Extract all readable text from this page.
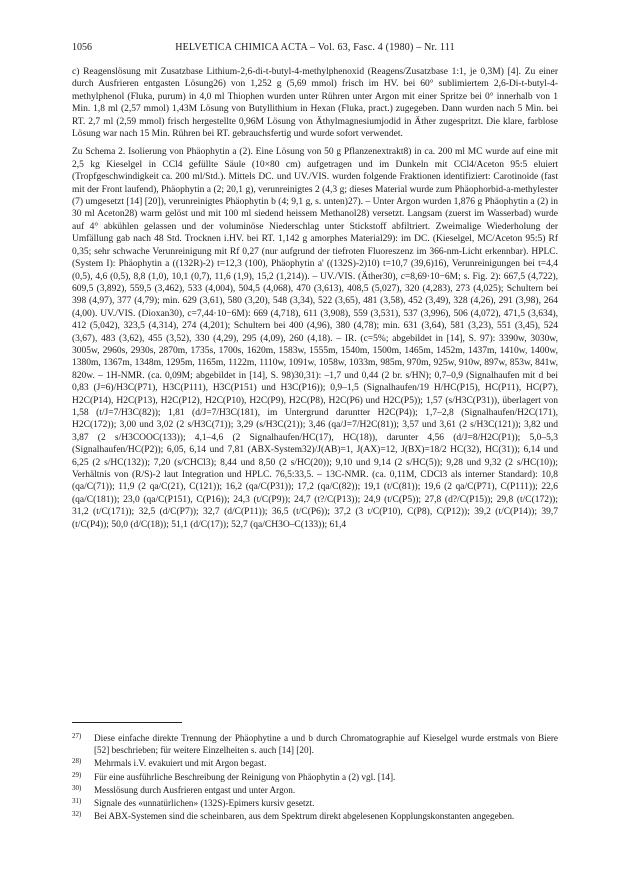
1056	HELVETICA CHIMICA ACTA – Vol. 63, Fasc. 4 (1980) – Nr. 111

c) Reagenslösung mit Zusatzbase Lithium-2,6-di-t-butyl-4-methylphenoxid (Reagens/Zusatzbase 1:1, je 0,3M) [4]. Zu einer durch Ausfrieren entgasten Lösung26) von 1,252 g (5,69 mmol) frisch im HV. bei 60° sublimiertem 2,6-Di-t-butyl-4-methylphenol (Fluka, purum) in 4,0 ml Thiophen wurden unter Rühren unter Argon mit einer Spritze bei 0° innerhalb von 1 Min. 1,8 ml (2,57 mmol) 1,43M Lösung von Butyllithium in Hexan (Fluka, pract.) zugegeben. Dann wurden nach 5 Min. bei RT. 2,7 ml (2,59 mmol) frisch hergestellte 0,96M Lösung von Äthylmagnesiumjodid in Äther zugespritzt. Die klare, farblose Lösung war nach 15 Min. Rühren bei RT. gebrauchsfertig und wurde sofort verwendet.

Zu Schema 2. Isolierung von Phäophytin a (2). Eine Lösung von 50 g Pflanzenextrakt8) in ca. 200 ml MC wurde auf eine mit 2,5 kg Kieselgel in CCl4 gefüllte Säule (10×80 cm) aufgetragen und im Dunkeln mit CCl4/Aceton 95:5 eluiert (Tropfgeschwindigkeit ca. 200 ml/Std.). Mittels DC. und UV./VIS. wurden folgende Fraktionen identifiziert: Carotinoide (fast mit der Front laufend), Phäophytin a (2; 20,1 g), verunreinigtes 2 (4,3 g; dieses Material wurde zum Phäophorbid-a-methylester (7) umgesetzt [14] [20]), verunreinigtes Phäophytin b (4; 9,1 g, s. unten)27). – Unter Argon wurden 1,876 g Phäophytin a (2) in 30 ml Aceton28) warm gelöst und mit 100 ml siedend heissem Methanol28) versetzt. Langsam (zuerst im Wasserbad) wurde auf 4° abkühlen gelassen und der voluminöse Niederschlag unter Stickstoff abfiltriert. Zweimalige Wiederholung der Umfällung gab nach 48 Std. Trocknen i.HV. bei RT. 1,142 g amorphes Material29): im DC. (Kieselgel, MC/Aceton 95:5) Rf 0,35; sehr schwache Verunreinigung mit Rf 0,27 (nur aufgrund der tiefroten Fluoreszenz im 366-nm-Licht erkennbar). HPLC. (System I): Phäophytin a ((132R)-2) t=12,3 (100), Phäophytin a' ((132S)-2)10) t=10,7 (39,6)16), Verunreinigungen bei t=4,4 (0,5), 4,6 (0,5), 8,8 (1,0), 10,1 (0,7), 11,6 (1,9), 15,2 (1,214)). – UV./VIS. (Äther30), c=8,69·10−6M; s. Fig. 2): 667,5 (4,722), 609,5 (3,892), 559,5 (3,462), 533 (4,004), 504,5 (4,068), 470 (3,613), 408,5 (5,027), 320 (4,283), 273 (4,025); Schultern bei 398 (4,97), 377 (4,79); min. 629 (3,61), 580 (3,20), 548 (3,34), 522 (3,65), 481 (3,58), 452 (3,49), 328 (4,26), 291 (3,98), 264 (4,00). UV./VIS. (Dioxan30), c=7,44·10−6M): 669 (4,718), 611 (3,908), 559 (3,531), 537 (3,996), 506 (4,072), 471,5 (3,634), 412 (5,042), 323,5 (4,314), 274 (4,201); Schultern bei 400 (4,96), 380 (4,78); min. 631 (3,64), 581 (3,23), 551 (3,45), 524 (3,67), 483 (3,62), 455 (3,52), 330 (4,29), 295 (4,09), 260 (4,18). – IR. (c=5%; abgebildet in [14], S. 97): 3390w, 3030w, 3005w, 2960s, 2930s, 2870m, 1735s, 1700s, 1620m, 1583w, 1555m, 1540m, 1500m, 1465m, 1452m, 1437m, 1410w, 1400w, 1380m, 1367m, 1348m, 1295m, 1165m, 1122m, 1110w, 1091w, 1058w, 1033m, 985m, 970m, 925w, 910w, 897w, 853w, 841w, 820w. – 1H-NMR. (ca. 0,09M; abgebildet in [14], S. 98)30,31): –1,7 und 0,44 (2 br. s/HN); 0,7–0,9 (Signalhaufen mit d bei 0,83 (J=6)/H3C(P71), H3C(P111), H3C(P151) und H3C(P16)); 0,9–1,5 (Signalhaufen/19 H/HC(P15), HC(P11), HC(P7), H2C(P14), H2C(P13), H2C(P12), H2C(P10), H2C(P9), H2C(P8), H2C(P6) und H2C(P5)); 1,57 (s/H3C(P31)), überlagert von 1,58 (t/J=7/H3C(82)); 1,81 (d/J=7/H3C(181), im Untergrund daruntter H2C(P4)); 1,7–2,8 (Signalhaufen/H2C(171), H2C(172)); 3,00 und 3,02 (2 s/H3C(71)); 3,29 (s/H3C(21)); 3,46 (qa/J=7/H2C(81)); 3,57 und 3,61 (2 s/H3C(121)); 3,82 und 3,87 (2 s/H3COOC(133)); 4,1–4,6 (2 Signalhaufen/HC(17), HC(18)), darunter 4,56 (d/J=8/H2C(P1)); 5,0–5,3 (Signalhaufen/HC(P2)); 6,05, 6,14 und 7,81 (ABX-System32)/J(AB)=1, J(AX)=12, J(BX)=18/2 HC(32), HC(31)); 6,14 und 6,25 (2 s/HC(132)); 7,20 (s/CHCl3); 8,44 und 8,50 (2 s/HC(20)); 9,10 und 9,14 (2 s/HC(5)); 9,28 und 9,32 (2 s/HC(10)); Verhältnis von (R/S)-2 laut Integration und HPLC. 76,5:33,5. – 13C-NMR. (ca. 0,11M, CDCl3 als interner Standard): 10,8 (qa/C(71)); 11,9 (2 qa/C(21), C(121)); 16,2 (qa/C(P31)); 17,2 (qa/C(82)); 19,1 (t/C(81)); 19,6 (2 qa/C(P71), C(P111)); 22,6 (qa/C(181)); 23,0 (qa/C(P151), C(P16)); 24,3 (t/C(P9)); 24,7 (t?/C(P13)); 24,9 (t/C(P5)); 27,8 (d?/C(P15)); 29,8 (t/C(172)); 31,2 (t/C(171)); 32,5 (d/C(P7)); 32,7 (d/C(P11)); 36,5 (t/C(P6)); 37,2 (3 t/C(P10), C(P8), C(P12)); 39,2 (t/C(P14)); 39,7 (t/C(P4)); 50,0 (d/C(18)); 51,1 (d/C(17)); 52,7 (qa/CH3O–C(133)); 61,4

27) Diese einfache direkte Trennung der Phäophytine a und b durch Chromatographie auf Kieselgel wurde erstmals von Biere [52] beschrieben; für weitere Einzelheiten s. auch [14] [20].
28) Mehrmals i.V. evakuiert und mit Argon begast.
29) Für eine ausführliche Beschreibung der Reinigung von Phäophytin a (2) vgl. [14].
30) Messlösung durch Ausfrieren entgast und unter Argon.
31) Signale des «unnatürlichen» (132S)-Epimers kursiv gesetzt.
32) Bei ABX-Systemen sind die scheinbaren, aus dem Spektrum direkt abgelesenen Kopplungskonstanten angegeben.
